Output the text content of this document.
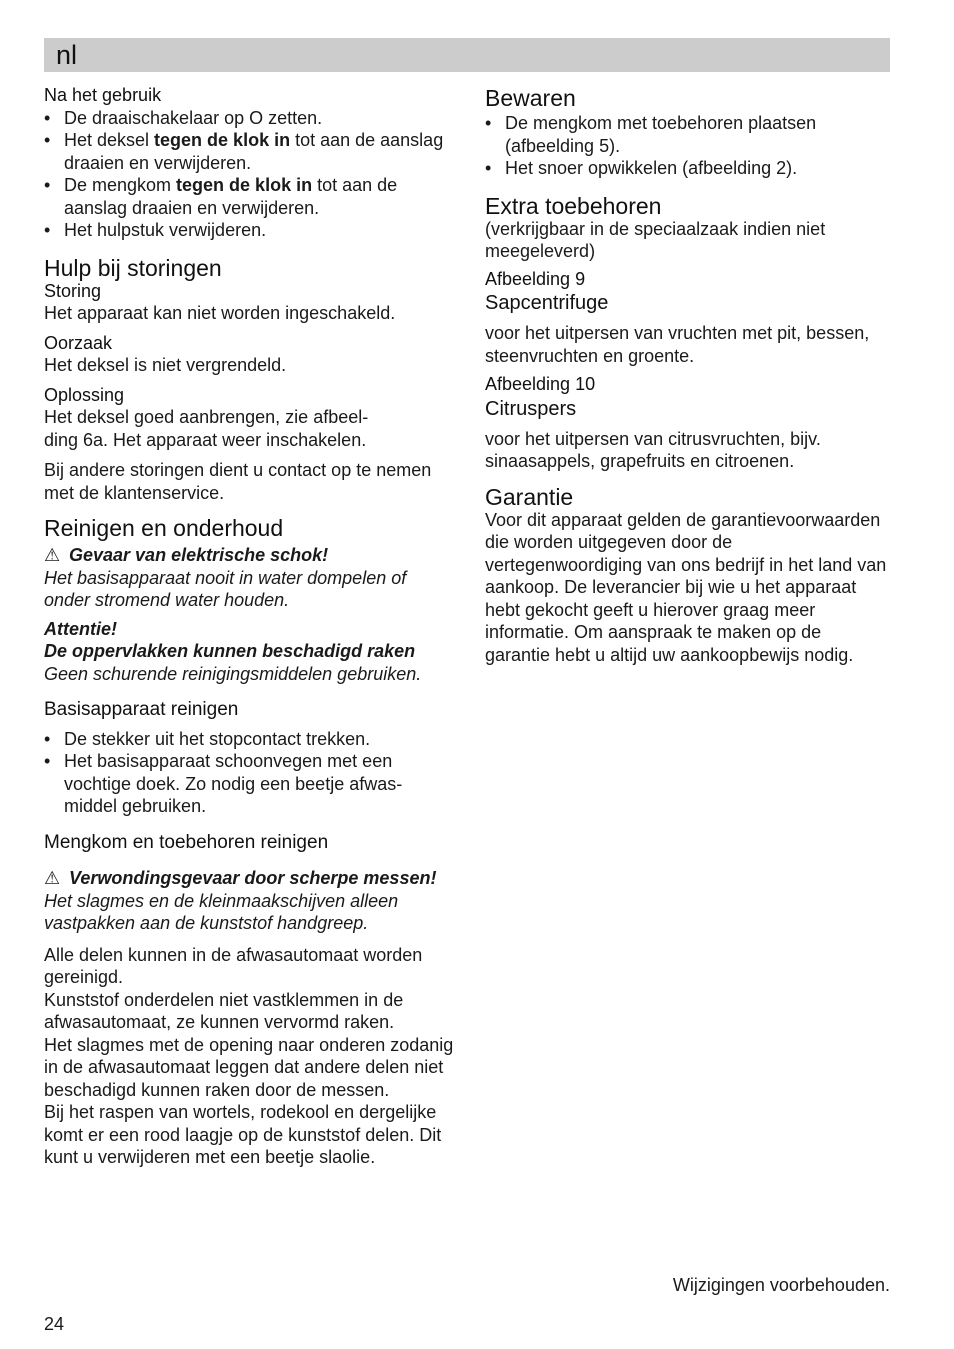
nl
Na het gebruik
• De draaischakelaar op O zetten.
• Het deksel tegen de klok in tot aan de aanslag draaien en verwijderen.
• De mengkom tegen de klok in tot aan de aanslag draaien en verwijderen.
• Het hulpstuk verwijderen.
Hulp bij storingen
Storing

Het apparaat kan niet worden ingeschakeld.

Oorzaak

Het deksel is niet vergrendeld.

Oplossing

Het deksel goed aanbrengen, zie afbeel-

ding 6a. Het apparaat weer inschakelen.

Bij andere storingen dient u contact op te nemen met de klantenservice.

Reinigen en onderhoud
⚠ Gevaar van elektrische schok!

Het basisapparaat nooit in water dompelen of onder stromend water houden.

Attentie!

De oppervlakken kunnen beschadigd raken

Geen schurende reinigingsmiddelen gebruiken.

Basisapparaat reinigen
• De stekker uit het stopcontact trekken.
• Het basisapparaat schoonvegen met een vochtige doek. Zo nodig een beetje afwas-middel gebruiken.
Mengkom en toebehoren reinigen
⚠ Verwondingsgevaar door scherpe messen!

Het slagmes en de kleinmaakschijven alleen vastpakken aan de kunststof handgreep.

Alle delen kunnen in de afwasautomaat worden gereinigd.

Kunststof onderdelen niet vastklemmen in de afwasautomaat, ze kunnen vervormd raken.

Het slagmes met de opening naar onderen zodanig in de afwasautomaat leggen dat andere delen niet beschadigd kunnen raken door de messen.

Bij het raspen van wortels, rodekool en dergelijke komt er een rood laagje op de kunststof delen. Dit kunt u verwijderen met een beetje slaolie.

Bewaren
• De mengkom met toebehoren plaatsen (afbeelding 5).
• Het snoer opwikkelen (afbeelding 2).
Extra toebehoren

(verkrijgbaar in de speciaalzaak indien niet meegeleverd)

Afbeelding 9
Sapcentrifuge

voor het uitpersen van vruchten met pit, bessen, steenvruchten en groente.

Afbeelding 10
Citruspers

voor het uitpersen van citrusvruchten, bijv. sinaasappels, grapefruits en citroenen.

Garantie

Voor dit apparaat gelden de garantievoorwaarden die worden uitgegeven door de vertegenwoordiging van ons bedrijf in het land van aankoop. De leverancier bij wie u het apparaat hebt gekocht geeft u hierover graag meer informatie. Om aanspraak te maken op de garantie hebt u altijd uw aankoopbewijs nodig.

Wijzigingen voorbehouden.
24
